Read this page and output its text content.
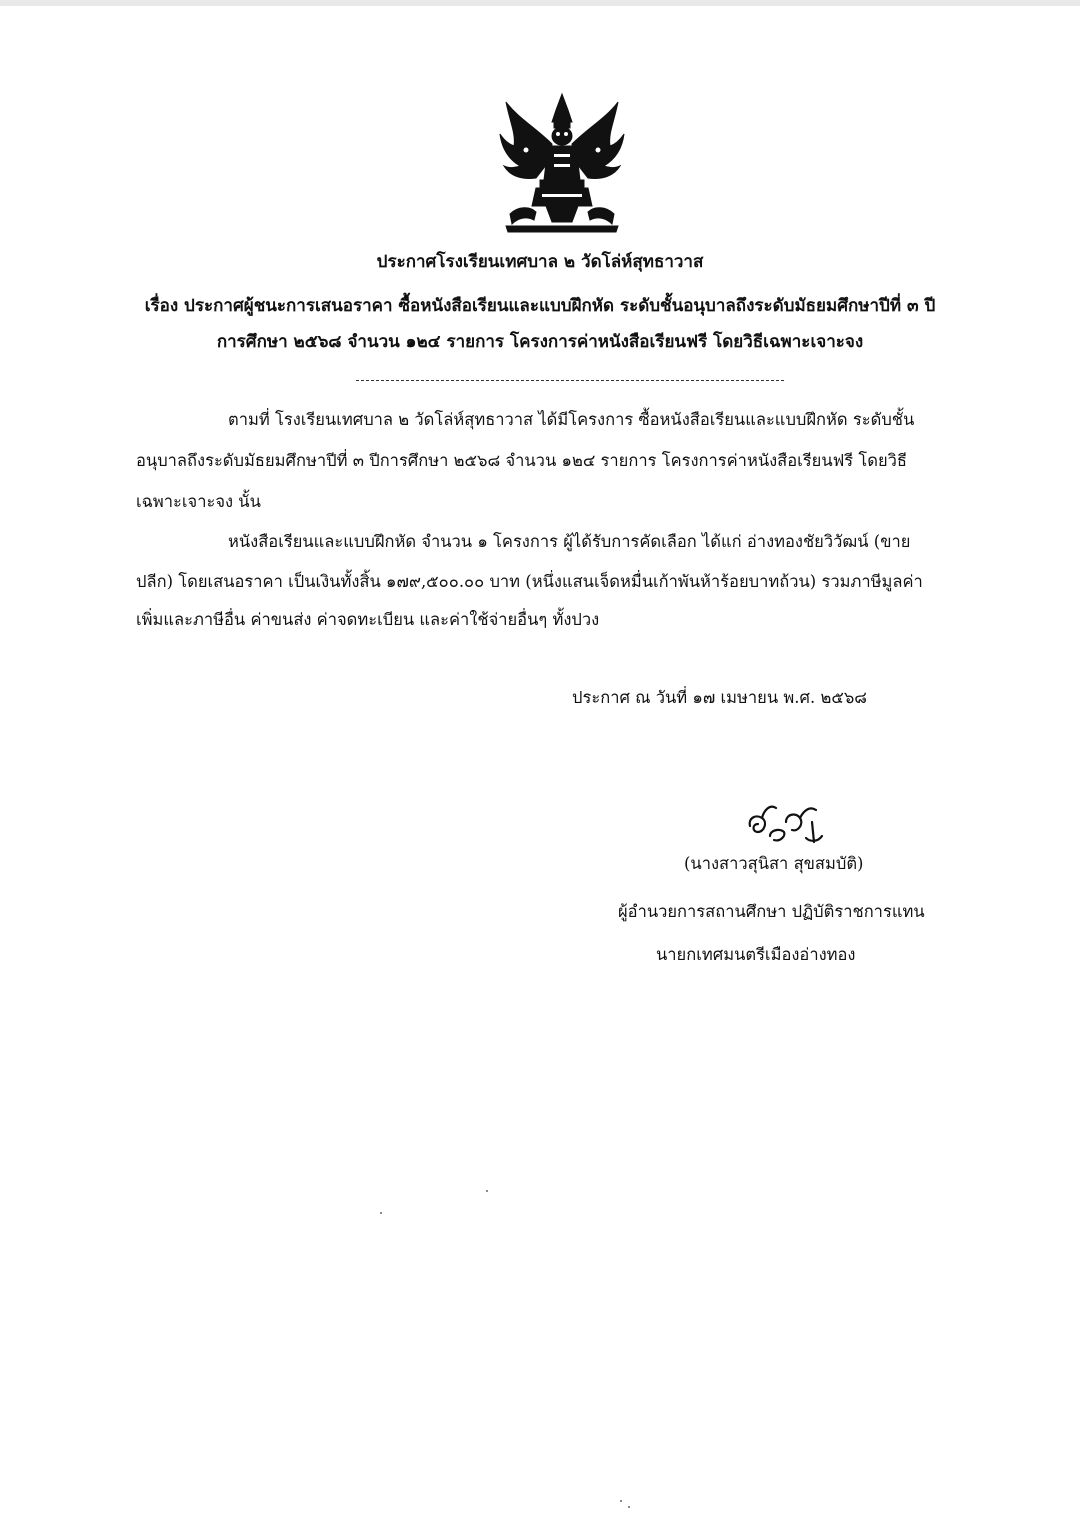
ประกาศโรงเรียนเทศบาล ๒ วัดโล่ห์สุทธาวาส
เรื่อง ประกาศผู้ชนะการเสนอราคา ซื้อหนังสือเรียนและแบบฝึกหัด ระดับชั้นอนุบาลถึงระดับมัธยมศึกษาปีที่ ๓ ปี
การศึกษา ๒๕๖๘ จำนวน ๑๒๔ รายการ โครงการค่าหนังสือเรียนฟรี โดยวิธีเฉพาะเจาะจง
ตามที่ โรงเรียนเทศบาล ๒ วัดโล่ห์สุทธาวาส ได้มีโครงการ ซื้อหนังสือเรียนและแบบฝึกหัด ระดับชั้น
อนุบาลถึงระดับมัธยมศึกษาปีที่ ๓ ปีการศึกษา ๒๕๖๘ จำนวน ๑๒๔ รายการ โครงการค่าหนังสือเรียนฟรี โดยวิธี
เฉพาะเจาะจง นั้น
หนังสือเรียนและแบบฝึกหัด จำนวน ๑ โครงการ ผู้ได้รับการคัดเลือก ได้แก่ อ่างทองชัยวิวัฒน์ (ขาย
ปลีก) โดยเสนอราคา เป็นเงินทั้งสิ้น ๑๗๙,๕๐๐.๐๐ บาท (หนึ่งแสนเจ็ดหมื่นเก้าพันห้าร้อยบาทถ้วน) รวมภาษีมูลค่า
เพิ่มและภาษีอื่น ค่าขนส่ง ค่าจดทะเบียน และค่าใช้จ่ายอื่นๆ ทั้งปวง
ประกาศ ณ วันที่ ๑๗ เมษายน พ.ศ. ๒๕๖๘
(นางสาวสุนิสา สุขสมบัติ)
ผู้อำนวยการสถานศึกษา ปฏิบัติราชการแทน
นายกเทศมนตรีเมืองอ่างทอง
